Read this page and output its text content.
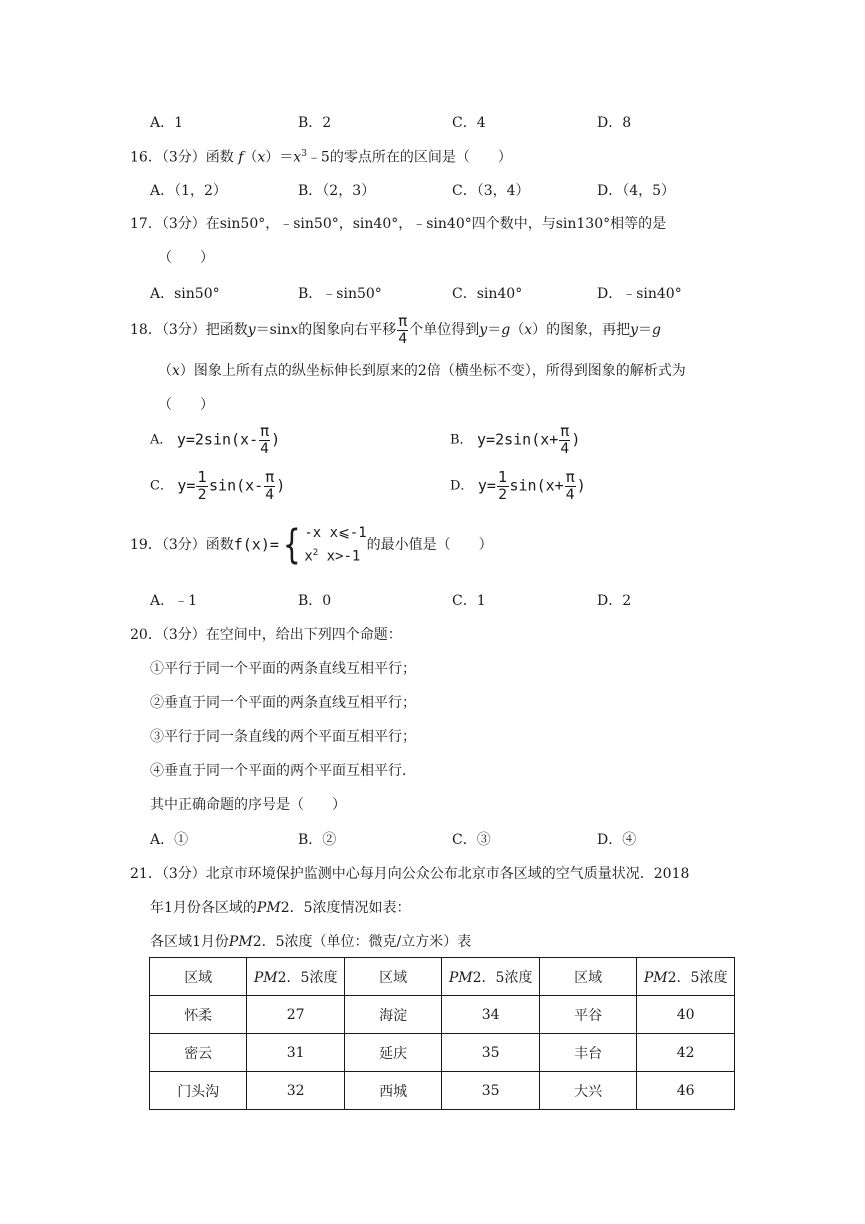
A．1	B．2	C．4	D．8
16．（3分）函数 $f(x)=x^3﹣5$的零点所在的区间是（　　）
A．（1，2）	B．（2，3）	C．（3，4）	D．（4，5）
17．（3分）在sin50°，﹣sin50°，sin40°，﹣sin40°四个数中，与sin130°相等的是
（　　）
A．sin50°	B．﹣sin50°	C．sin40°	D．﹣sin40°
18．（3分）把函数y＝sinx的图象向右平移 $\frac{\pi}{4}$ 个单位得到y＝g（x）的图象，再把y＝g
（x）图象上所有点的纵坐标伸长到原来的2倍（横坐标不变），所得到图象的解析式为
（　　）
A． $y=2\sin(x- \frac{\pi}{4}$ )	B． $y=2\sin(x+ \frac{\pi}{4}$ )
C． $y= \frac{1}{2} \sin(x- \frac{\pi}{4}$ )	D． $y= \frac{1}{2} \sin(x+ \frac{\pi}{4}$ )
19．（3分）函数f(x)={ -x x⩽-1
$x^2$ x>-1
的最小值是（　　）
A．﹣1	B．0	C．1	D．2
20．（3分）在空间中，给出下列四个命题：
①平行于同一个平面的两条直线互相平行；
②垂直于同一个平面的两条直线互相平行；
③平行于同一条直线的两个平面互相平行；
④垂直于同一个平面的两个平面互相平行．
其中正确命题的序号是（　　）
A．①	B．②	C．③	D．④
21．（3分）北京市环境保护监测中心每月向公众公布北京市各区域的空气质量状况．2018
年1月份各区域的PM2．5浓度情况如表：
各区域1月份PM2．5浓度（单位：微克/立方米）表
区域	PM2．5浓度	区域	PM2．5浓度	区域	PM2．5浓度
怀柔	27	海淀	34	平谷	40
密云	31	延庆	35	丰台	42
门头沟	32	西城	35	大兴	46
